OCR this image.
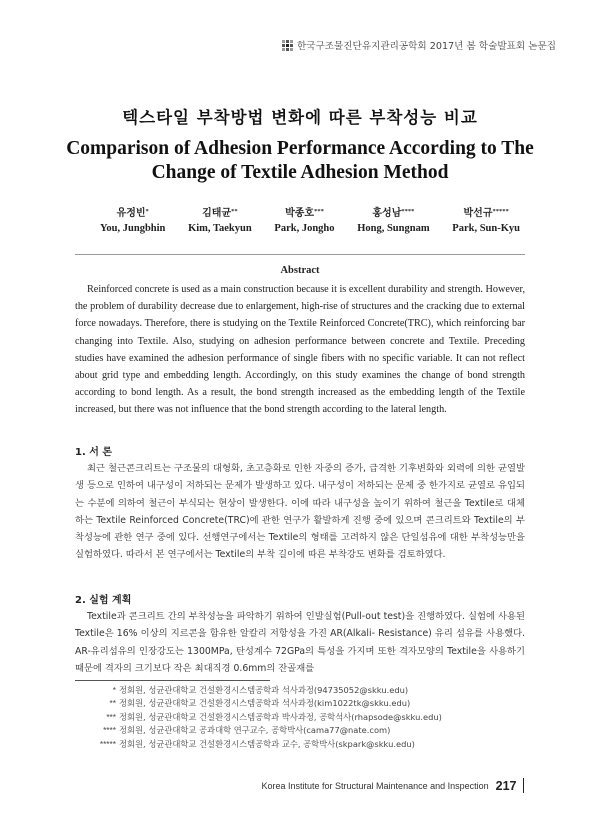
한국구조물진단유지관리공학회 2017년 봄 학술발표회 논문집
텍스타일 부착방법 변화에 따른 부착성능 비교
Comparison of Adhesion Performance According to The
Change of Textile Adhesion Method
유정빈*
You, Jungbhin
김태균**
Kim, Taekyun
박종호***
Park, Jongho
홍성남****
Hong, Sungnam
박선규*****
Park, Sun-Kyu
Abstract

Reinforced concrete is used as a main construction because it is excellent durability and strength. However, the problem of durability decrease due to enlargement, high-rise of structures and the cracking due to external force nowadays. Therefore, there is studying on the Textile Reinforced Concrete(TRC), which reinforcing bar changing into Textile. Also, studying on adhesion performance between concrete and Textile. Preceding studies have examined the adhesion performance of single fibers with no specific variable. It can not reflect about grid type and embedding length. Accordingly, on this study examines the change of bond strength according to bond length. As a result, the bond strength increased as the embedding length of the Textile increased, but there was not influence that the bond strength according to the lateral length.

1. 서 론

최근 철근콘크리트는 구조물의 대형화, 초고층화로 인한 자중의 증가, 급격한 기후변화와 외력에 의한 균열발생 등으로 인하여 내구성이 저하되는 문제가 발생하고 있다. 내구성이 저하되는 문제 중 한가지로 균열로 유입되는 수분에 의하여 철근이 부식되는 현상이 발생한다. 이에 따라 내구성을 높이기 위하여 철근을 Textile로 대체하는 Textile Reinforced Concrete(TRC)에 관한 연구가 활발하게 진행 중에 있으며 콘크리트와 Textile의 부착성능에 관한 연구 중에 있다. 선행연구에서는 Textile의 형태를 고려하지 않은 단일섬유에 대한 부착성능만을 실험하였다. 따라서 본 연구에서는 Textile의 부착 길이에 따른 부착강도 변화를 검토하였다.

2. 실험 계획

Textile과 콘크리트 간의 부착성능을 파악하기 위하여 인발실험(Pull-out test)을 진행하였다. 실험에 사용된 Textile은 16% 이상의 지르콘을 함유한 알칼리 저항성을 가진 AR(Alkali- Resistance) 유리 섬유를 사용했다. AR-유리섬유의 인장강도는 1300MPa, 탄성계수 72GPa의 특성을 가지며 또한 격자모양의 Textile을 사용하기 때문에 격자의 크기보다 작은 최대직경 0.6mm의 잔골재를

* 정회원, 성균관대학교 건설환경시스템공학과 석사과정(94735052@skku.edu)
** 정회원, 성균관대학교 건설환경시스템공학과 석사과정(kim1022tk@skku.edu)
*** 정회원, 성균관대학교 건설환경시스템공학과 박사과정, 공학석사(rhapsode@skku.edu)
**** 정회원, 성균관대학교 공과대학 연구교수, 공학박사(cama77@nate.com)
***** 정회원, 성균관대학교 건설환경시스템공학과 교수, 공학박사(skpark@skku.edu)
Korea Institute for Structural Maintenance and Inspection 217
